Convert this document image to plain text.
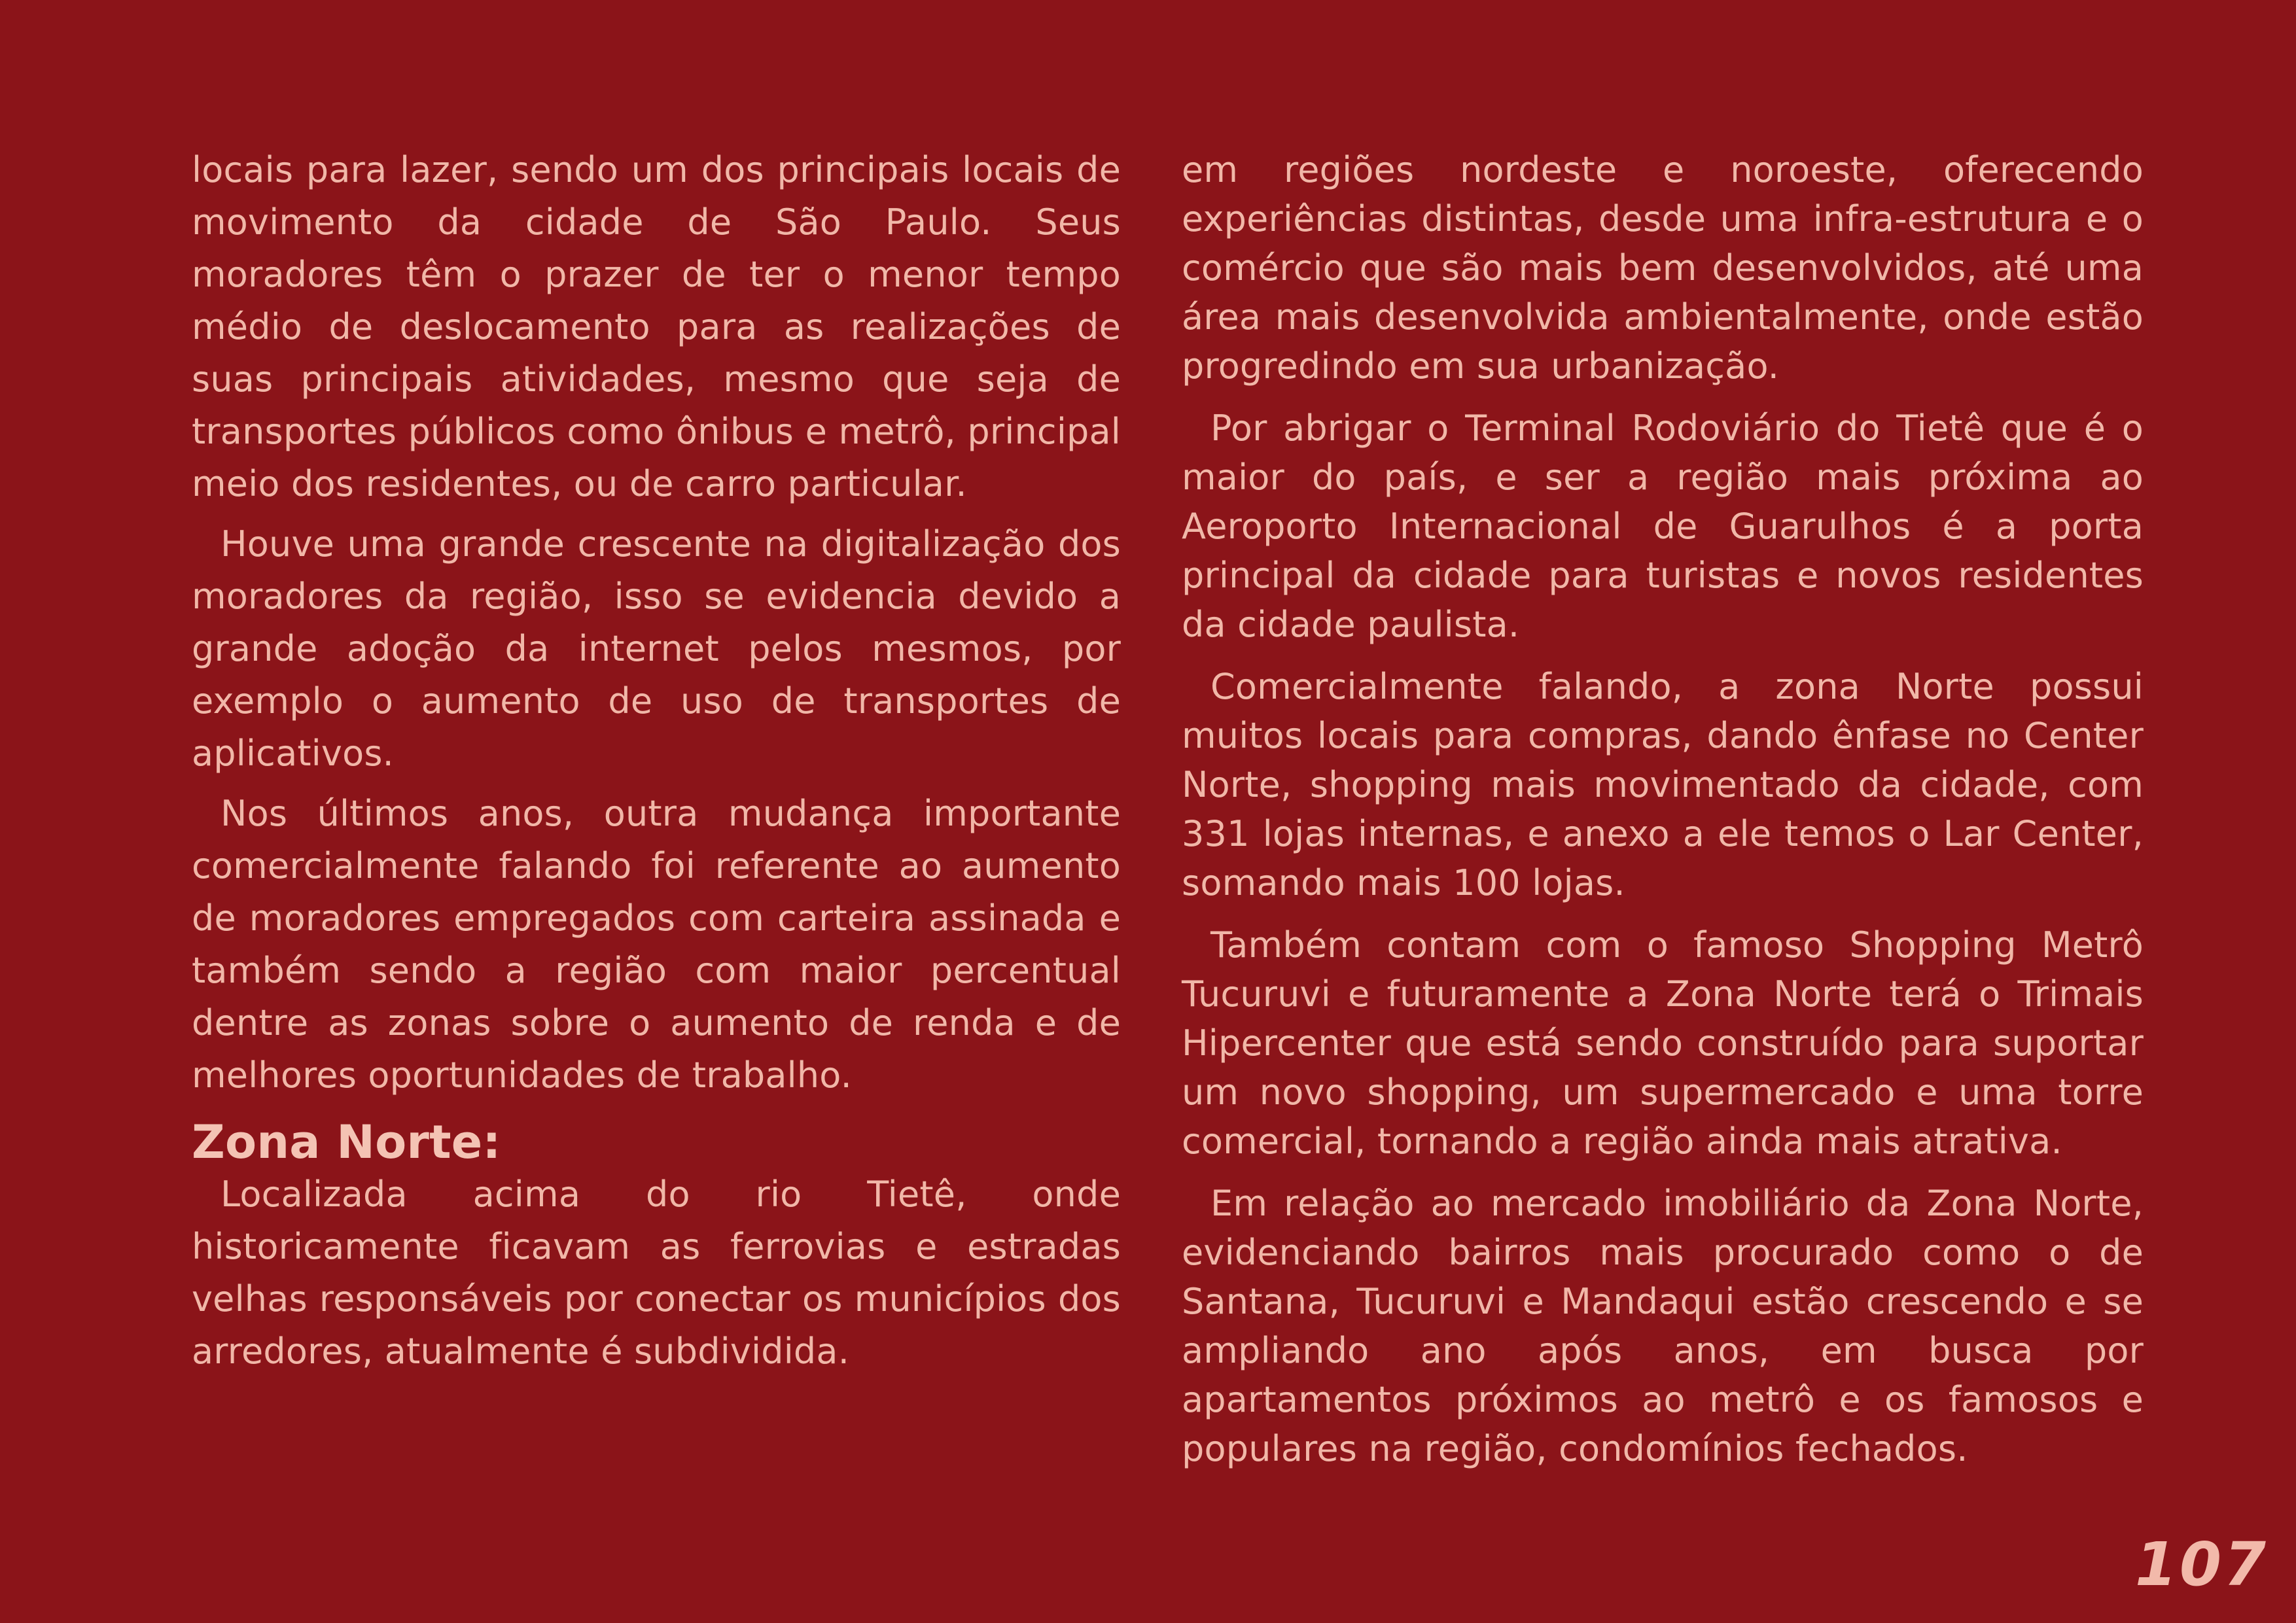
locais para lazer, sendo um dos principais locais de movimento da cidade de São Paulo. Seus moradores têm o prazer de ter o menor tempo médio de deslocamento para as realizações de suas principais atividades, mesmo que seja de transportes públicos como ônibus e metrô, principal meio dos residentes, ou de carro particular.

Houve uma grande crescente na digitalização dos moradores da região, isso se evidencia devido a grande adoção da internet pelos mesmos, por exemplo o aumento de uso de transportes de aplicativos.

Nos últimos anos, outra mudança importante comercialmente falando foi referente ao aumento de moradores empregados com carteira assinada e também sendo a região com maior percentual dentre as zonas sobre o aumento de renda e de melhores oportunidades de trabalho.

Zona Norte:

Localizada acima do rio Tietê, onde historicamente ficavam as ferrovias e estradas velhas responsáveis por conectar os municípios dos arredores, atualmente é subdividida.

em regiões nordeste e noroeste, oferecendo experiências distintas, desde uma infra-estrutura e o comércio que são mais bem desenvolvidos, até uma área mais desenvolvida ambientalmente, onde estão progredindo em sua urbanização.

Por abrigar o Terminal Rodoviário do Tietê que é o maior do país, e ser a região mais próxima ao Aeroporto Internacional de Guarulhos é a porta principal da cidade para turistas e novos residentes da cidade paulista.

Comercialmente falando, a zona Norte possui muitos locais para compras, dando ênfase no Center Norte, shopping mais movimentado da cidade, com 331 lojas internas, e anexo a ele temos o Lar Center, somando mais 100 lojas.

Também contam com o famoso Shopping Metrô Tucuruvi e futuramente a Zona Norte terá o Trimais Hipercenter que está sendo construído para suportar um novo shopping, um supermercado e uma torre comercial, tornando a região ainda mais atrativa.

Em relação ao mercado imobiliário da Zona Norte, evidenciando bairros mais procurado como o de Santana, Tucuruvi e Mandaqui estão crescendo e se ampliando ano após anos, em busca por apartamentos próximos ao metrô e os famosos e populares na região, condomínios fechados.

107
